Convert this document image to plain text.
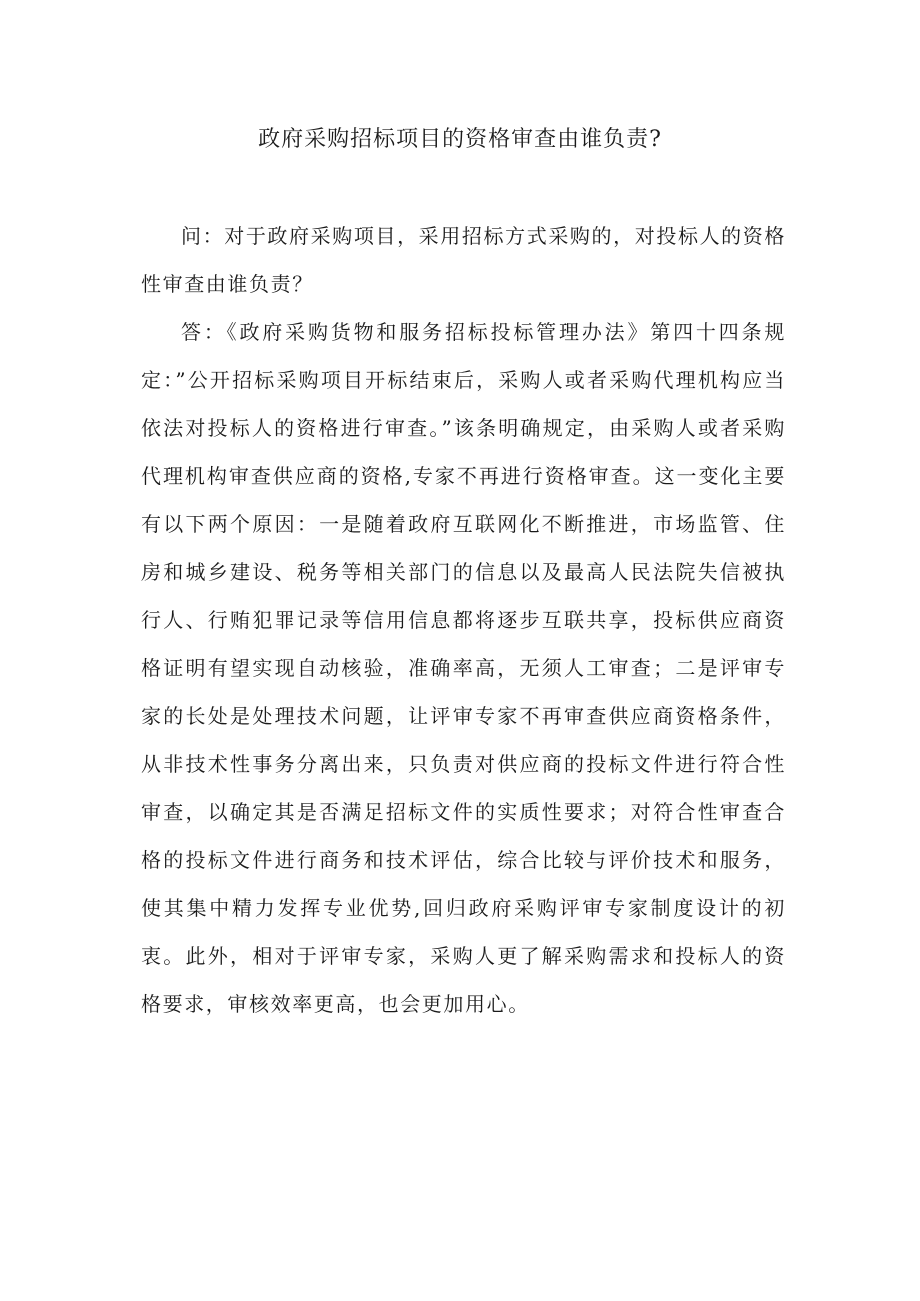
政府采购招标项目的资格审查由谁负责?

问：对于政府采购项目，采用招标方式采购的，对投标人的资格性审查由谁负责？

答：《政府采购货物和服务招标投标管理办法》第四十四条规定：”公开招标采购项目开标结束后，采购人或者采购代理机构应当依法对投标人的资格进行审查。”该条明确规定，由采购人或者采购代理机构审查供应商的资格,专家不再进行资格审查。这一变化主要有以下两个原因：一是随着政府互联网化不断推进，市场监管、住房和城乡建设、税务等相关部门的信息以及最高人民法院失信被执行人、行贿犯罪记录等信用信息都将逐步互联共享，投标供应商资格证明有望实现自动核验，准确率高，无须人工审查；二是评审专家的长处是处理技术问题，让评审专家不再审查供应商资格条件，从非技术性事务分离出来，只负责对供应商的投标文件进行符合性审查，以确定其是否满足招标文件的实质性要求；对符合性审查合格的投标文件进行商务和技术评估，综合比较与评价技术和服务，使其集中精力发挥专业优势,回归政府采购评审专家制度设计的初衷。此外，相对于评审专家，采购人更了解采购需求和投标人的资格要求，审核效率更高，也会更加用心。
